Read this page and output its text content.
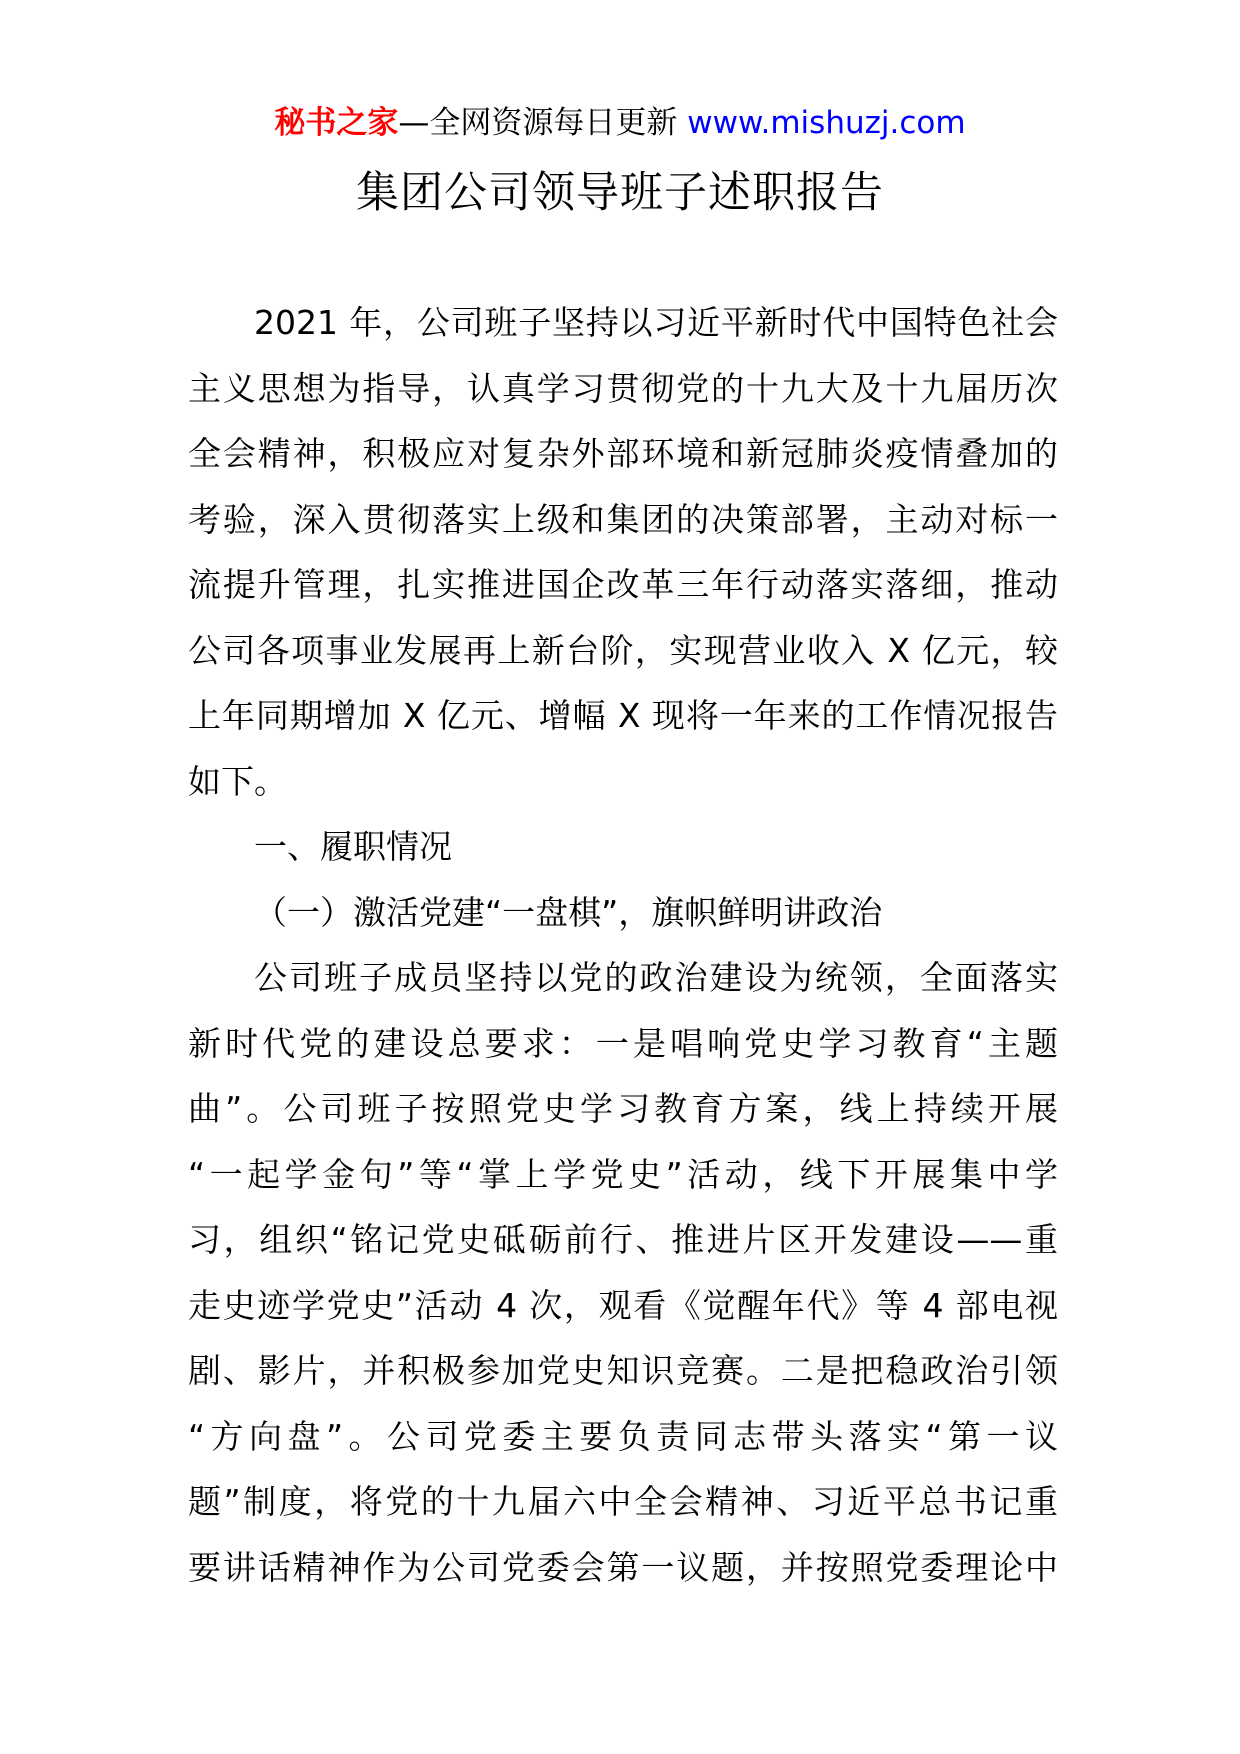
秘书之家—全网资源每日更新 www.mishuzj.com
集团公司领导班子述职报告
2021 年，公司班子坚持以习近平新时代中国特色社会
主义思想为指导，认真学习贯彻党的十九大及十九届历次
全会精神，积极应对复杂外部环境和新冠肺炎疫情叠加的
考验，深入贯彻落实上级和集团的决策部署，主动对标一
流提升管理，扎实推进国企改革三年行动落实落细，推动
公司各项事业发展再上新台阶，实现营业收入 X 亿元，较
上年同期增加 X 亿元、增幅 X 现将一年来的工作情况报告
如下。
一、履职情况
（一）激活党建“一盘棋”，旗帜鲜明讲政治
公司班子成员坚持以党的政治建设为统领，全面落实
新时代党的建设总要求：一是唱响党史学习教育“主题
曲”。公司班子按照党史学习教育方案，线上持续开展
“一起学金句”等“掌上学党史”活动，线下开展集中学
习，组织“铭记党史砥砺前行、推进片区开发建设——重
走史迹学党史”活动 4 次，观看《觉醒年代》等 4 部电视
剧、影片，并积极参加党史知识竞赛。二是把稳政治引领
“方向盘”。公司党委主要负责同志带头落实“第一议
题”制度，将党的十九届六中全会精神、习近平总书记重
要讲话精神作为公司党委会第一议题，并按照党委理论中
